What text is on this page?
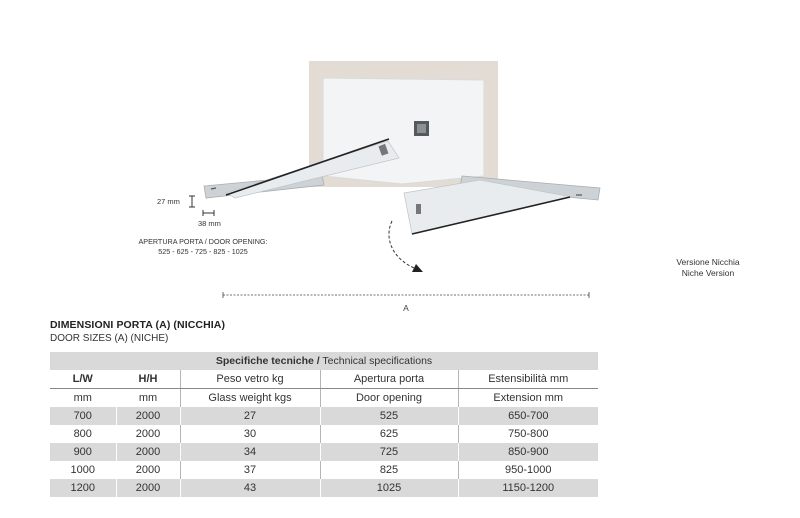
27 mm
38 mm
APERTURA PORTA / DOOR OPENING:
525 - 625 - 725 - 825 - 1025
Versione Nicchia
Niche Version
A
DIMENSIONI PORTA (A) (NICCHIA)
DOOR SIZES (A) (NICHE)
Specifiche tecniche / Technical specifications				
L/W	H/H	Peso vetro kg	Apertura porta	Estensibilità mm
mm	mm	Glass weight kgs	Door opening	Extension mm
700	2000	27	525	650-700
800	2000	30	625	750-800
900	2000	34	725	850-900
1000	2000	37	825	950-1000
1200	2000	43	1025	1150-1200
